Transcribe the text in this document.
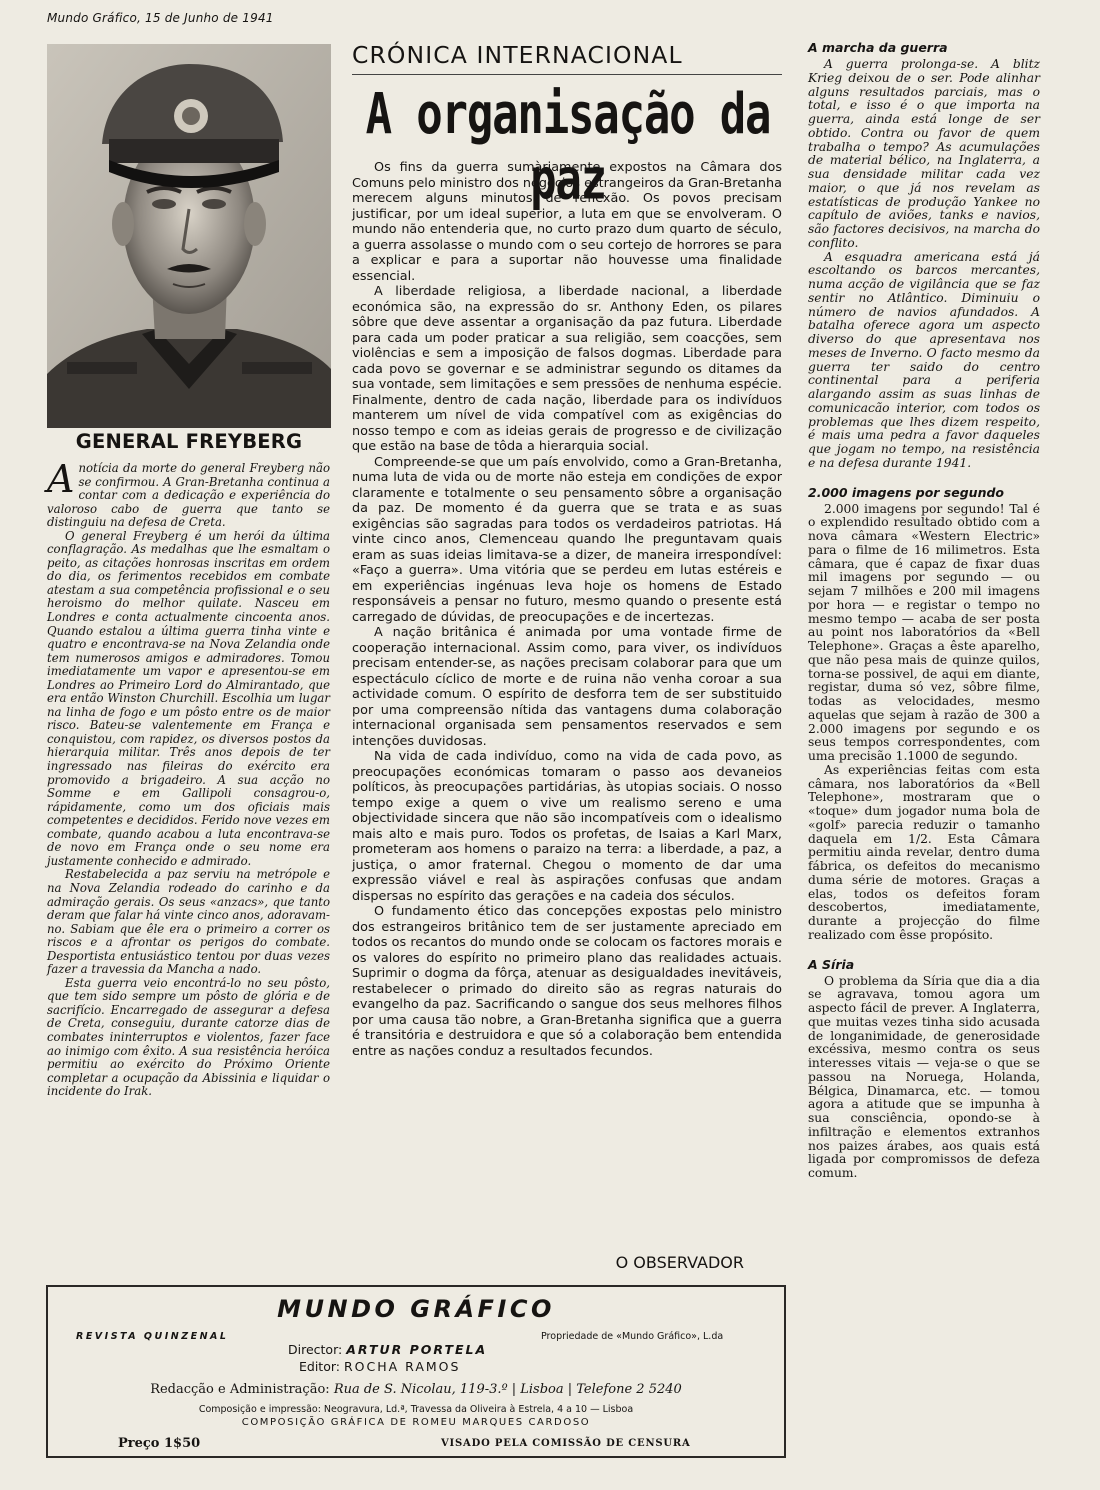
Mundo Gráfico, 15 de Junho de 1941
GENERAL FREYBERG

Anotícia da morte do general Freyberg não se confirmou. A Gran-Bretanha continua a contar com a dedicação e experiência do valoroso cabo de guerra que tanto se distinguiu na defesa de Creta.

O general Freyberg é um herói da última conflagração. As medalhas que lhe esmaltam o peito, as citações honrosas inscritas em ordem do dia, os ferimentos recebidos em combate atestam a sua competência profissional e o seu heroismo do melhor quilate. Nasceu em Londres e conta actualmente cincoenta anos. Quando estalou a última guerra tinha vinte e quatro e encontrava-se na Nova Zelandia onde tem numerosos amigos e admiradores. Tomou imediatamente um vapor e apresentou-se em Londres ao Primeiro Lord do Almirantado, que era então Winston Churchill. Escolhia um lugar na linha de fogo e um pôsto entre os de maior risco. Bateu-se valentemente em França e conquistou, com rapidez, os diversos postos da hierarquia militar. Três anos depois de ter ingressado nas fileiras do exército era promovido a brigadeiro. A sua acção no Somme e em Gallipoli consagrou-o, rápidamente, como um dos oficiais mais competentes e decididos. Ferido nove vezes em combate, quando acabou a luta encontrava-se de novo em França onde o seu nome era justamente conhecido e admirado.

Restabelecida a paz serviu na metrópole e na Nova Zelandia rodeado do carinho e da admiração gerais. Os seus «anzacs», que tanto deram que falar há vinte cinco anos, adoravam-no. Sabiam que êle era o primeiro a correr os riscos e a afrontar os perigos do combate. Desportista entusiástico tentou por duas vezes fazer a travessia da Mancha a nado.

Esta guerra veio encontrá-lo no seu pôsto, que tem sido sempre um pôsto de glória e de sacrifício. Encarregado de assegurar a defesa de Creta, conseguiu, durante catorze dias de combates ininterruptos e violentos, fazer face ao inimigo com êxito. A sua resistência heróica permitiu ao exército do Próximo Oriente completar a ocupação da Abissinia e liquidar o incidente do Irak.

CRÓNICA INTERNACIONAL
A organisação da paz

Os fins da guerra sumàriamente expostos na Câmara dos Comuns pelo ministro dos negócios estrangeiros da Gran-Bretanha merecem alguns minutos de reflexão. Os povos precisam justificar, por um ideal superior, a luta em que se envolveram. O mundo não entenderia que, no curto prazo dum quarto de século, a guerra assolasse o mundo com o seu cortejo de horrores se para a explicar e para a suportar não houvesse uma finalidade essencial.

A liberdade religiosa, a liberdade nacional, a liberdade económica são, na expressão do sr. Anthony Eden, os pilares sôbre que deve assentar a organisação da paz futura. Liberdade para cada um poder praticar a sua religião, sem coacções, sem violências e sem a imposição de falsos dogmas. Liberdade para cada povo se governar e se administrar segundo os ditames da sua vontade, sem limitações e sem pressões de nenhuma espécie. Finalmente, dentro de cada nação, liberdade para os indivíduos manterem um nível de vida compatível com as exigências do nosso tempo e com as ideias gerais de progresso e de civilização que estão na base de tôda a hierarquia social.

Compreende-se que um país envolvido, como a Gran-Bretanha, numa luta de vida ou de morte não esteja em condições de expor claramente e totalmente o seu pensamento sôbre a organisação da paz. De momento é da guerra que se trata e as suas exigências são sagradas para todos os verdadeiros patriotas. Há vinte cinco anos, Clemenceau quando lhe preguntavam quais eram as suas ideias limitava-se a dizer, de maneira irrespondível: «Faço a guerra». Uma vitória que se perdeu em lutas estéreis e em experiências ingénuas leva hoje os homens de Estado responsáveis a pensar no futuro, mesmo quando o presente está carregado de dúvidas, de preocupações e de incertezas.

A nação britânica é animada por uma vontade firme de cooperação internacional. Assim como, para viver, os indivíduos precisam entender-se, as nações precisam colaborar para que um espectáculo cíclico de morte e de ruina não venha coroar a sua actividade comum. O espírito de desforra tem de ser substituido por uma compreensão nítida das vantagens duma colaboração internacional organisada sem pensamentos reservados e sem intenções duvidosas.

Na vida de cada indivíduo, como na vida de cada povo, as preocupações económicas tomaram o passo aos devaneios políticos, às preocupações partidárias, às utopias sociais. O nosso tempo exige a quem o vive um realismo sereno e uma objectividade sincera que não são incompatíveis com o idealismo mais alto e mais puro. Todos os profetas, de Isaias a Karl Marx, prometeram aos homens o paraizo na terra: a liberdade, a paz, a justiça, o amor fraternal. Chegou o momento de dar uma expressão viável e real às aspirações confusas que andam dispersas no espírito das gerações e na cadeia dos séculos.

O fundamento ético das concepções expostas pelo ministro dos estrangeiros britânico tem de ser justamente apreciado em todos os recantos do mundo onde se colocam os factores morais e os valores do espírito no primeiro plano das realidades actuais. Suprimir o dogma da fôrça, atenuar as desigualdades inevitáveis, restabelecer o primado do direito são as regras naturais do evangelho da paz. Sacrificando o sangue dos seus melhores filhos por uma causa tão nobre, a Gran-Bretanha significa que a guerra é transitória e destruidora e que só a colaboração bem entendida entre as nações conduz a resultados fecundos.

O OBSERVADOR
A marcha da guerra

A guerra prolonga-se. A blitz Krieg deixou de o ser. Pode alinhar alguns resultados parciais, mas o total, e isso é o que importa na guerra, ainda está longe de ser obtido. Contra ou favor de quem trabalha o tempo? As acumulações de material bélico, na Inglaterra, a sua densidade militar cada vez maior, o que já nos revelam as estatísticas de produção Yankee no capítulo de aviões, tanks e navios, são factores decisivos, na marcha do conflito.

A esquadra americana está já escoltando os barcos mercantes, numa acção de vigilância que se faz sentir no Atlântico. Diminuiu o número de navios afundados. A batalha oferece agora um aspecto diverso do que apresentava nos meses de Inverno. O facto mesmo da guerra ter saido do centro continental para a periferia alargando assim as suas linhas de comunicacão interior, com todos os problemas que lhes dizem respeito, é mais uma pedra a favor daqueles que jogam no tempo, na resistência e na defesa durante 1941.

2.000 imagens por segundo

2.000 imagens por segundo! Tal é o explendido resultado obtido com a nova câmara «Western Electric» para o filme de 16 milimetros. Esta câmara, que é capaz de fixar duas mil imagens por segundo — ou sejam 7 milhões e 200 mil imagens por hora — e registar o tempo no mesmo tempo — acaba de ser posta au point nos laboratórios da «Bell Telephone». Graças a êste aparelho, que não pesa mais de quinze quilos, torna-se possivel, de aqui em diante, registar, duma só vez, sôbre filme, todas as velocidades, mesmo aquelas que sejam à razão de 300 a 2.000 imagens por segundo e os seus tempos correspondentes, com uma precisão 1.1000 de segundo.

As experiências feitas com esta câmara, nos laboratórios da «Bell Telephone», mostraram que o «toque» dum jogador numa bola de «golf» parecia reduzir o tamanho daquela em 1/2. Esta Câmara permitiu ainda revelar, dentro duma fábrica, os defeitos do mecanismo duma série de motores. Graças a elas, todos os defeitos foram descobertos, imediatamente, durante a projecção do filme realizado com êsse propósito.

A Síria

O problema da Síria que dia a dia se agravava, tomou agora um aspecto fácil de prever. A Inglaterra, que muitas vezes tinha sido acusada de longanimidade, de generosidade excéssiva, mesmo contra os seus interesses vitais — veja-se o que se passou na Noruega, Holanda, Bélgica, Dinamarca, etc. — tomou agora a atitude que se impunha à sua consciência, opondo-se à infiltração e elementos extranhos nos paizes árabes, aos quais está ligada por compromissos de defeza comum.

MUNDO GRÁFICO
REVISTA QUINZENAL	Propriedade de «Mundo Gráfico», L.da
Director: ARTUR PORTELA
Editor: ROCHA RAMOS
Redacção e Administração: Rua de S. Nicolau, 119-3.º | Lisboa | Telefone 2 5240
Composição e impressão: Neogravura, Ld.ª, Travessa da Oliveira à Estrela, 4 a 10 — Lisboa
COMPOSIÇÃO GRÁFICA DE ROMEU MARQUES CARDOSO
Preço 1$50	VISADO PELA COMISSÃO DE CENSURA
